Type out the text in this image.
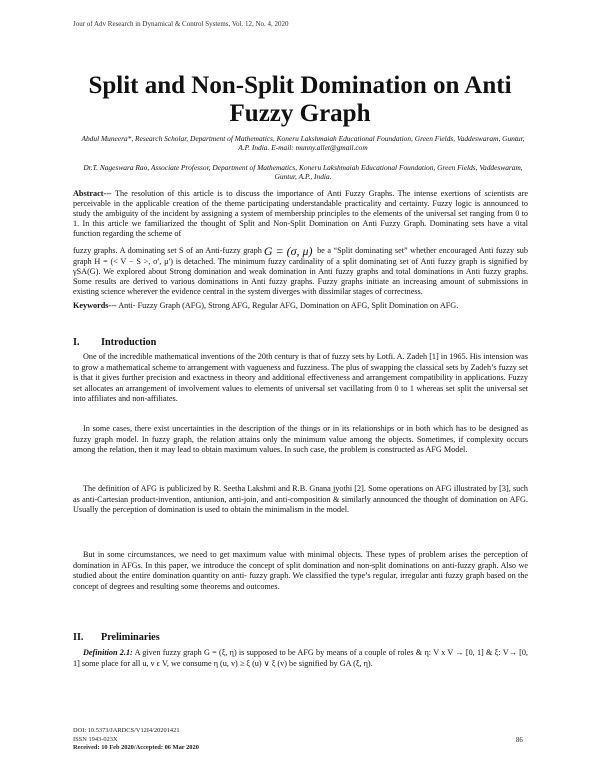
Jour of Adv Research in Dynamical & Control Systems, Vol. 12, No. 4, 2020
Split and Non-Split Domination on Anti
Fuzzy Graph

Abdul Muneera*, Research Scholar, Department of Mathematics, Koneru Lakshmaiah Educational Foundation, Green Fields, Vaddeswaram, Guntur, A.P. India. E-mail: munny.allet@gmail.com

Dr.T. Nageswara Rao, Associate Professor, Department of Mathematics, Koneru Lakshmaiah Educational Foundation, Green Fields, Vaddeswaram, Guntur, A.P., India.

Abstract--- The resolution of this article is to discuss the importance of Anti Fuzzy Graphs. The intense exertions of scientists are perceivable in the applicable creation of the theme participating understandable practicality and certainty. Fuzzy logic is announced to study the ambiguity of the incident by assigning a system of membership principles to the elements of the universal set ranging from 0 to 1. In this article we familiarized the thought of Split and Non-Split Domination on Anti Fuzzy Graph. Dominating sets have a vital function regarding the scheme of

fuzzy graphs. A dominating set S of an Anti-fuzzy graph G = (σ, μ) be a “Split dominating set” whether encouraged Anti fuzzy sub graph H = (< V − S >, σ′, μ′) is detached. The minimum fuzzy cardinality of a split dominating set of Anti fuzzy graph is signified by γSA(G). We explored about Strong domination and weak domination in Anti fuzzy graphs and total dominations in Anti fuzzy graphs. Some results are derived to various dominations in Anti fuzzy graphs. Fuzzy graphs initiate an increasing amount of submissions in existing science wherever the evidence central in the system diverges with dissimilar stages of correctness.

Keywords--- Anti- Fuzzy Graph (AFG), Strong AFG, Regular AFG, Domination on AFG, Split Domination on AFG.

I. Introduction

One of the incredible mathematical inventions of the 20th century is that of fuzzy sets by Lotfi. A. Zadeh [1] in 1965. His intension was to grow a mathematical scheme to arrangement with vagueness and fuzziness. The plus of swapping the classical sets by Zadeh’s fuzzy set is that it gives further precision and exactness in theory and additional effectiveness and arrangement compatibility in applications. Fuzzy set allocates an arrangement of involvement values to elements of universal set vacillating from 0 to 1 whereas set split the universal set into affiliates and non-affiliates.

In some cases, there exist uncertainties in the description of the things or in its relationships or in both which has to be designed as fuzzy graph model. In fuzzy graph, the relation attains only the minimum value among the objects. Sometimes, if complexity occurs among the relation, then it may lead to obtain maximum values. In such case, the problem is constructed as AFG Model.

The definition of AFG is publicized by R. Seetha Lakshmi and R.B. Gnana jyothi [2]. Some operations on AFG illustrated by [3], such as anti-Cartesian product-invention, antiunion, anti-join, and anti-composition & similarly announced the thought of domination on AFG. Usually the perception of domination is used to obtain the minimalism in the model.

But in some circumstances, we need to get maximum value with minimal objects. These types of problem arises the perception of domination in AFGs. In this paper, we introduce the concept of split domination and non-split dominations on anti-fuzzy graph. Also we studied about the entire domination quantity on anti- fuzzy graph. We classified the type’s regular, irregular anti fuzzy graph based on the concept of degrees and resulting some theorems and outcomes.

II. Preliminaries

Definition 2.1: A given fuzzy graph G = (ξ, η) is supposed to be AFG by means of a couple of roles & η: V x V → [0, 1] & ξ: V→ [0, 1] some place for all u, v ϵ V, we consume η (u, v) ≥ ξ (u) ∨ ξ (v) be signified by GA (ξ, η).

DOI: 10.5373/JARDCS/V12I4/20201421
ISSN 1943-023X
Received: 10 Feb 2020/Accepted: 06 Mar 2020
86
